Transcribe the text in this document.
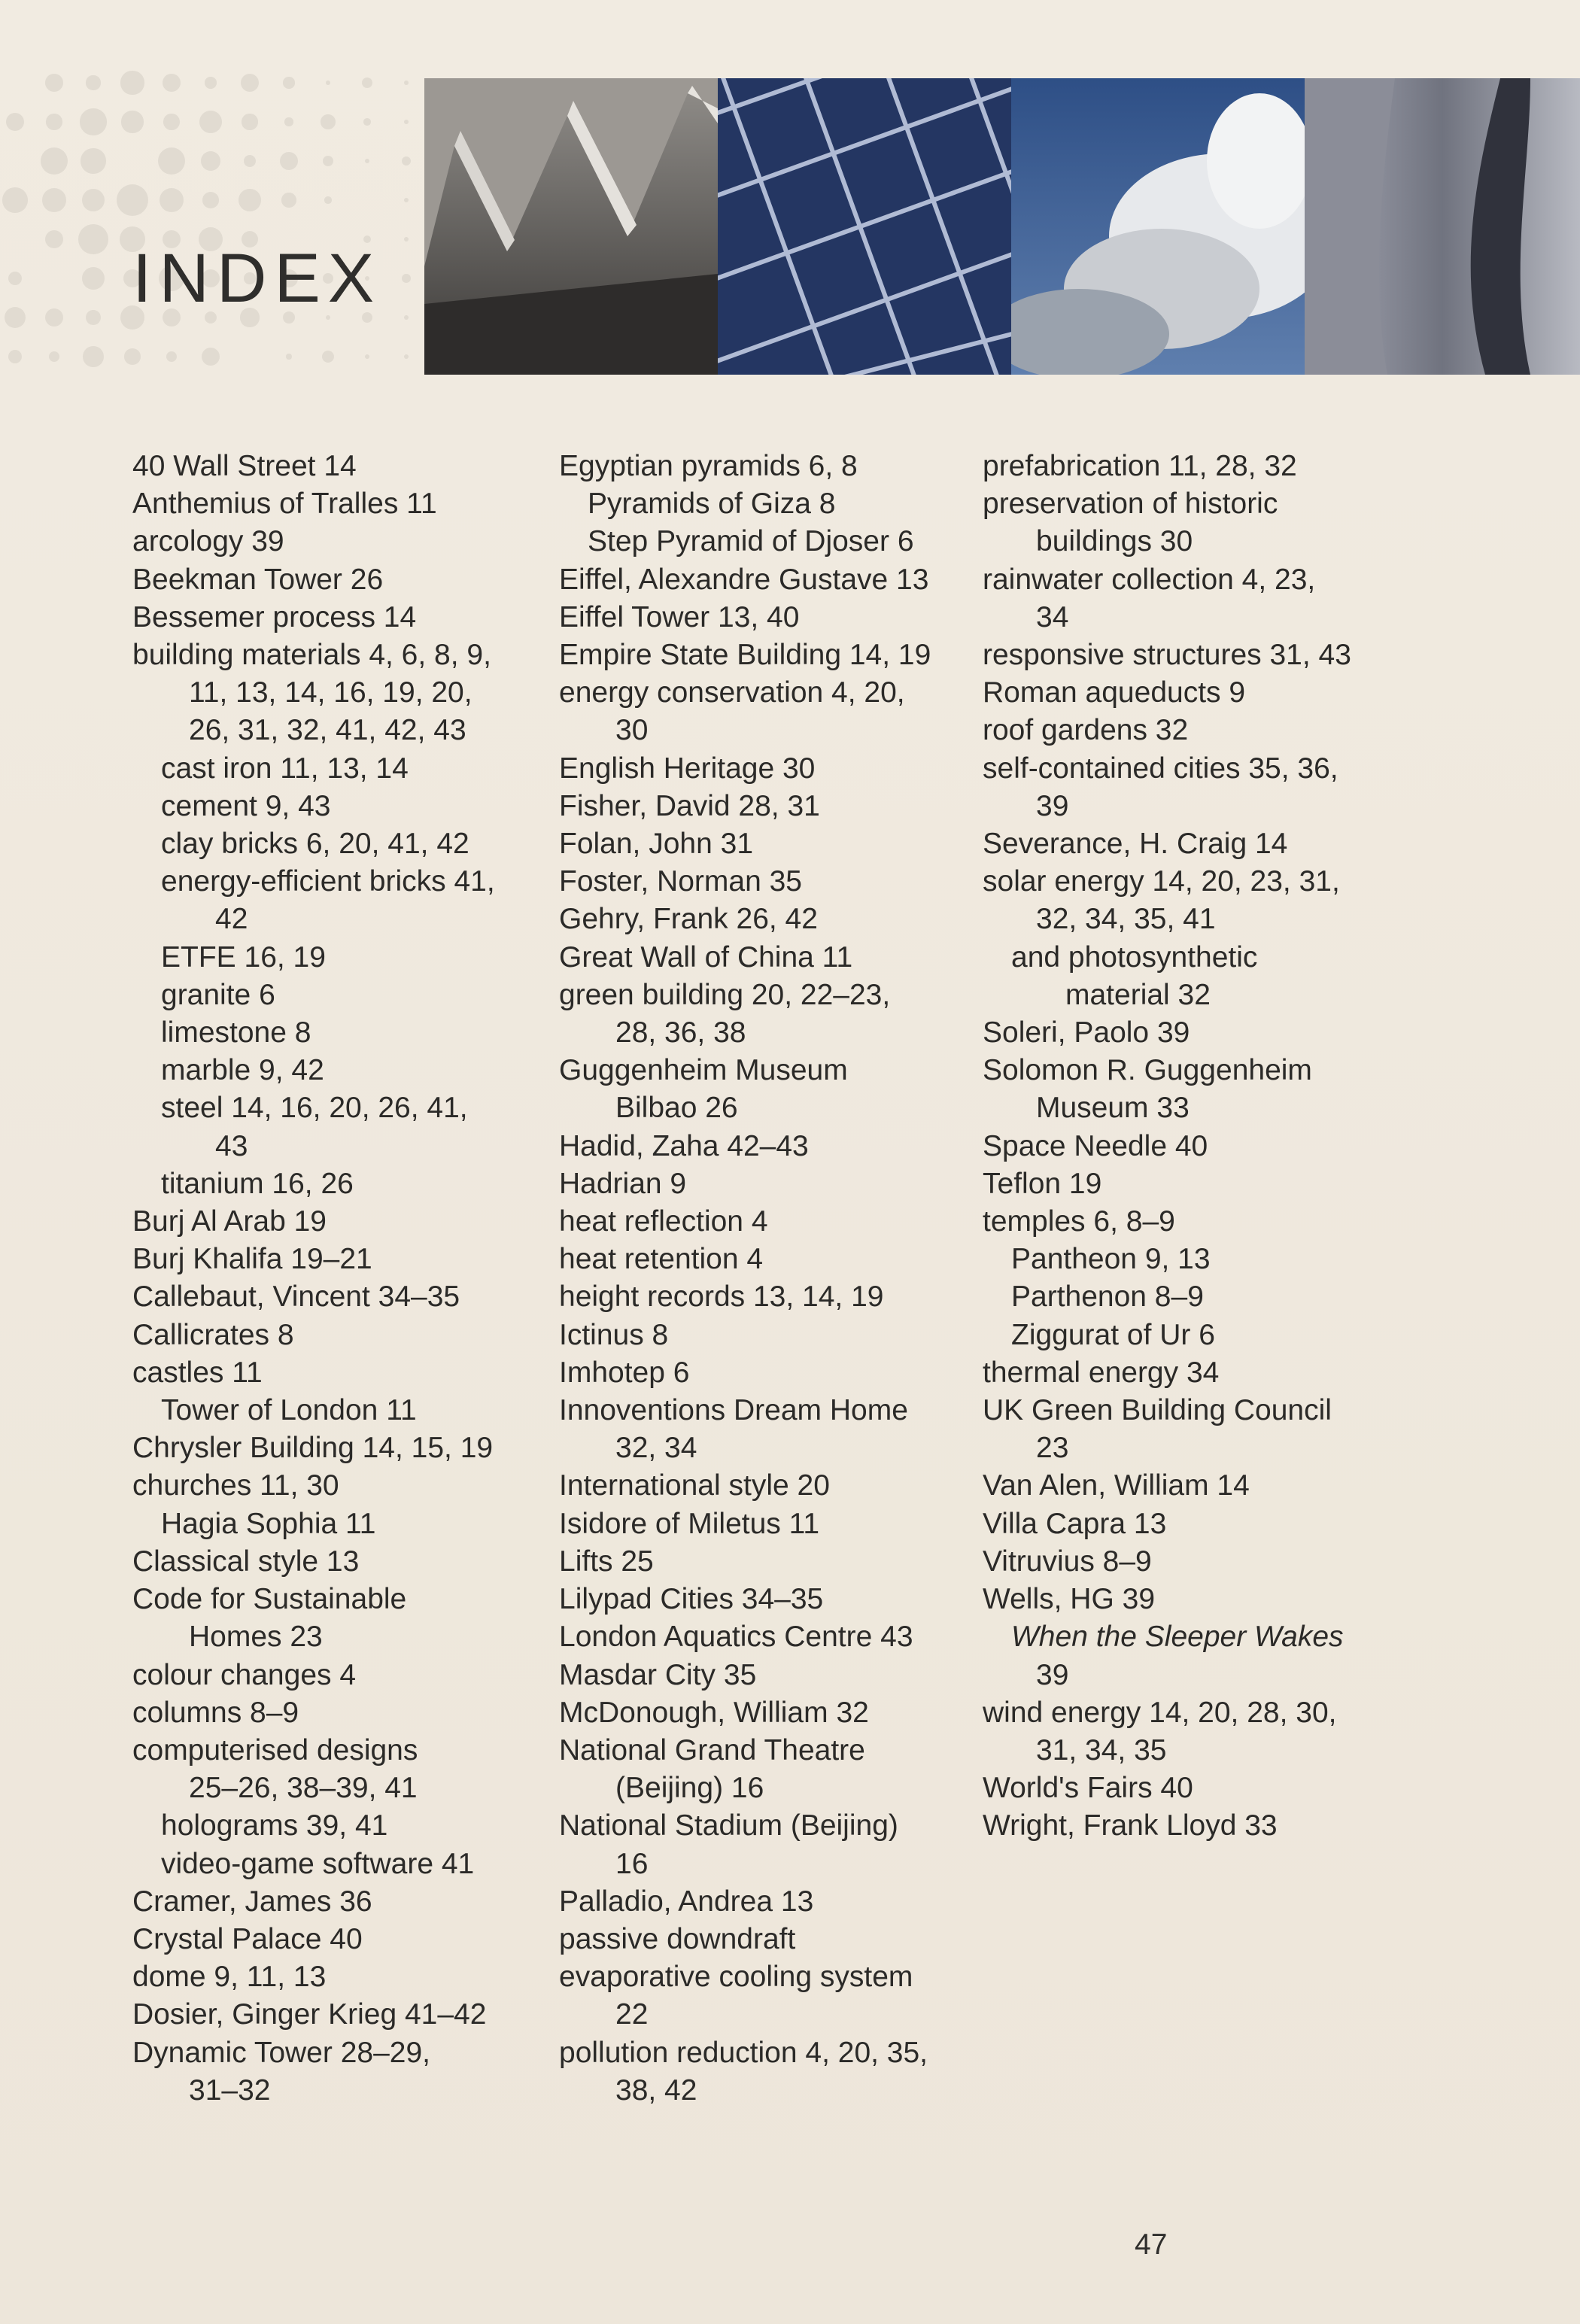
INDEX
40 Wall Street 14
Anthemius of Tralles 11
arcology 39
Beekman Tower 26
Bessemer process 14
building materials 4, 6, 8, 9,
11, 13, 14, 16, 19, 20,
26, 31, 32, 41, 42, 43
cast iron 11, 13, 14
cement 9, 43
clay bricks 6, 20, 41, 42
energy-efficient bricks 41,
42
ETFE 16, 19
granite 6
limestone 8
marble 9, 42
steel 14, 16, 20, 26, 41,
43
titanium 16, 26
Burj Al Arab 19
Burj Khalifa 19–21
Callebaut, Vincent 34–35
Callicrates 8
castles 11
Tower of London 11
Chrysler Building 14, 15, 19
churches 11, 30
Hagia Sophia 11
Classical style 13
Code for Sustainable
Homes 23
colour changes 4
columns 8–9
computerised designs
25–26, 38–39, 41
holograms 39, 41
video-game software 41
Cramer, James 36
Crystal Palace 40
dome 9, 11, 13
Dosier, Ginger Krieg 41–42
Dynamic Tower 28–29,
31–32
Egyptian pyramids 6, 8
Pyramids of Giza 8
Step Pyramid of Djoser 6
Eiffel, Alexandre Gustave 13
Eiffel Tower 13, 40
Empire State Building 14, 19
energy conservation 4, 20,
30
English Heritage 30
Fisher, David 28, 31
Folan, John 31
Foster, Norman 35
Gehry, Frank 26, 42
Great Wall of China 11
green building 20, 22–23,
28, 36, 38
Guggenheim Museum
Bilbao 26
Hadid, Zaha 42–43
Hadrian 9
heat reflection 4
heat retention 4
height records 13, 14, 19
Ictinus 8
Imhotep 6
Innoventions Dream Home
32, 34
International style 20
Isidore of Miletus 11
Lifts 25
Lilypad Cities 34–35
London Aquatics Centre 43
Masdar City 35
McDonough, William 32
National Grand Theatre
(Beijing) 16
National Stadium (Beijing)
16
Palladio, Andrea 13
passive downdraft
evaporative cooling system
22
pollution reduction 4, 20, 35,
38, 42
prefabrication 11, 28, 32
preservation of historic
buildings 30
rainwater collection 4, 23,
34
responsive structures 31, 43
Roman aqueducts 9
roof gardens 32
self-contained cities 35, 36,
39
Severance, H. Craig 14
solar energy 14, 20, 23, 31,
32, 34, 35, 41
and photosynthetic
material 32
Soleri, Paolo 39
Solomon R. Guggenheim
Museum 33
Space Needle 40
Teflon 19
temples 6, 8–9
Pantheon 9, 13
Parthenon 8–9
Ziggurat of Ur 6
thermal energy 34
UK Green Building Council
23
Van Alen, William 14
Villa Capra 13
Vitruvius 8–9
Wells, HG 39
When the Sleeper Wakes
39
wind energy 14, 20, 28, 30,
31, 34, 35
World's Fairs 40
Wright, Frank Lloyd 33
47
